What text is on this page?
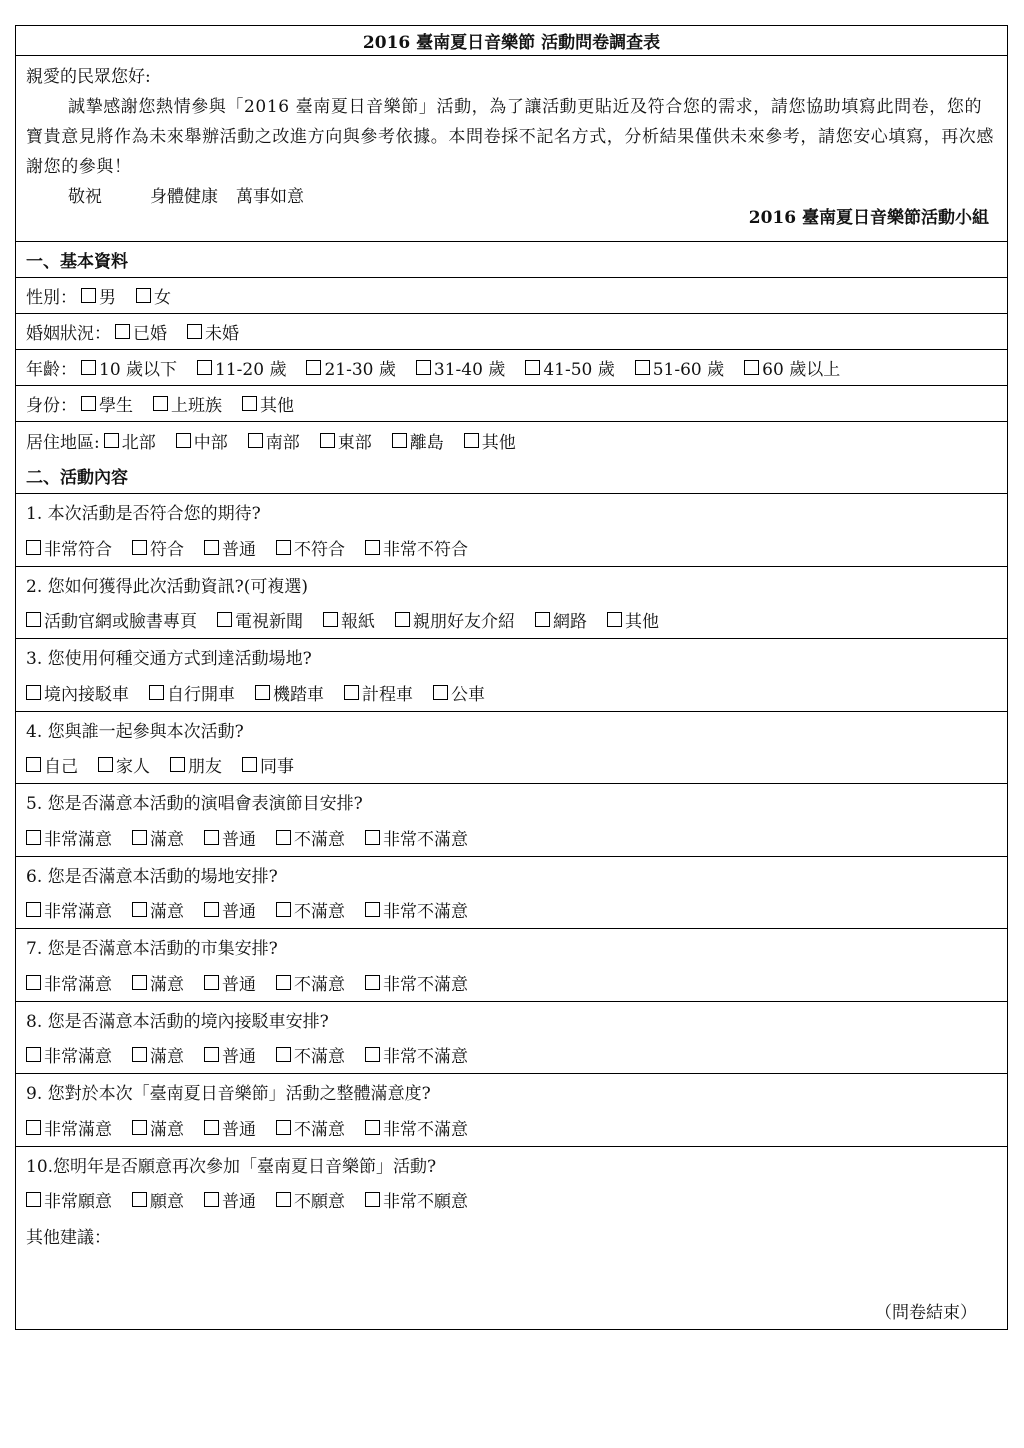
2016 臺南夏日音樂節 活動問卷調查表

親愛的民眾您好:

誠摯感謝您熱情參與「2016 臺南夏日音樂節」活動，為了讓活動更貼近及符合您的需求，請您協助填寫此問卷，您的寶貴意見將作為未來舉辦活動之改進方向與參考依據。本問卷採不記名方式，分析結果僅供未來參考，請您安心填寫，再次感謝您的參與！

敬祝	身體健康 萬事如意

2016 臺南夏日音樂節活動小組
一、基本資料
性別： 男 女
婚姻狀況： 已婚 未婚
年齡： 10 歲以下 11-20 歲 21-30 歲 31-40 歲 41-50 歲 51-60 歲 60 歲以上
身份： 學生 上班族 其他
居住地區: 北部 中部 南部 東部 離島 其他
二、活動內容
1. 本次活動是否符合您的期待?
非常符合 符合 普通 不符合 非常不符合
2. 您如何獲得此次活動資訊?(可複選)
活動官網或臉書專頁 電視新聞 報紙 親朋好友介紹 網路 其他
3. 您使用何種交通方式到達活動場地?
境內接駁車 自行開車 機踏車 計程車 公車
4. 您與誰一起參與本次活動?
自己 家人 朋友 同事
5. 您是否滿意本活動的演唱會表演節目安排?
非常滿意 滿意 普通 不滿意 非常不滿意
6. 您是否滿意本活動的場地安排?
非常滿意 滿意 普通 不滿意 非常不滿意
7. 您是否滿意本活動的市集安排?
非常滿意 滿意 普通 不滿意 非常不滿意
8. 您是否滿意本活動的境內接駁車安排?
非常滿意 滿意 普通 不滿意 非常不滿意
9. 您對於本次「臺南夏日音樂節」活動之整體滿意度?
非常滿意 滿意 普通 不滿意 非常不滿意
10.您明年是否願意再次參加「臺南夏日音樂節」活動?
非常願意 願意 普通 不願意 非常不願意
其他建議：
（問卷結束）
